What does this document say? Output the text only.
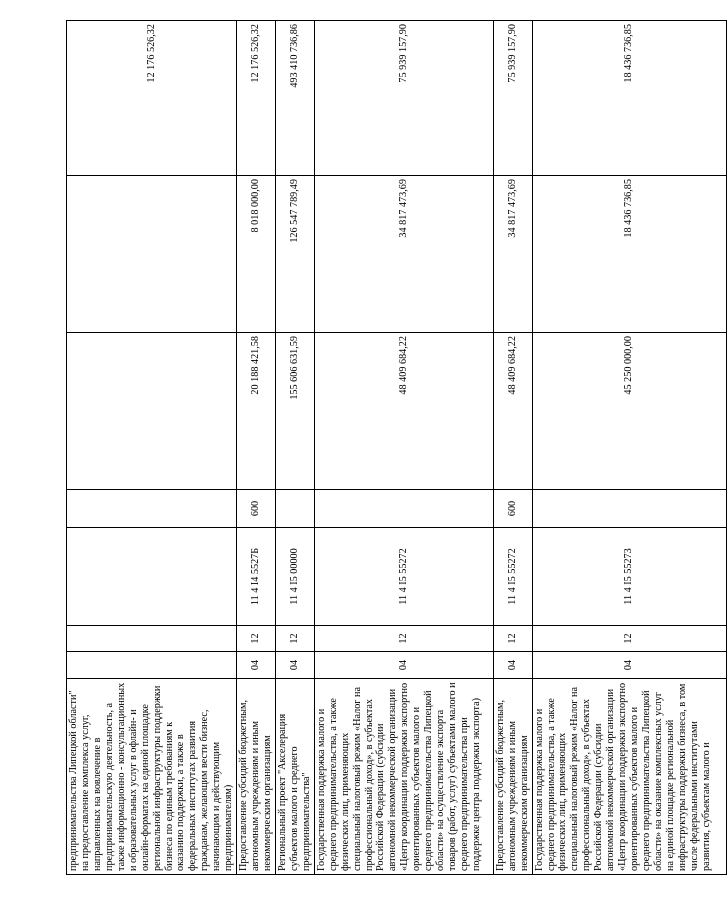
предпринимательства Липецкой области" на предоставление комплекса услуг, направленных на вовлечение в предпринимательскую деятельность, а также информационно - консультационных и образовательных услуг в офлайн- и онлайн-форматах на единой площадке региональной инфраструктуры поддержки бизнеса по единым требованиям к оказанию поддержки, а также в федеральных институтах развития гражданам, желающим вести бизнес, начинающим и действующим предпринимателям)							12 176 526,32
Предоставление субсидий бюджетным, автономным учреждениям и иным некоммерческим организациям	04	12	11 4 I4 5527Б	600	20 188 421,58	8 018 000,00	12 176 526,32
Региональный проект "Акселерация субъектов малого и среднего предпринимательства"	04	12	11 4 I5 00000		155 606 631,59	126 547 789,49	493 410 736,86
Государственная поддержка малого и среднего предпринимательства, а также физических лиц, применяющих специальный налоговый режим «Налог на профессиональный доход», в субъектах Российской Федерации (субсидии автономной некоммерческой организации «Центр координации поддержки экспортно ориентированных субъектов малого и среднего предпринимательства Липецкой области» на осуществление экспорта товаров (работ, услуг) субъектами малого и среднего предпринимательства при поддержке центра поддержки экспорта)	04	12	11 4 I5 55272		48 409 684,22	34 817 473,69	75 939 157,90
Предоставление субсидий бюджетным, автономным учреждениям и иным некоммерческим организациям	04	12	11 4 I5 55272	600	48 409 684,22	34 817 473,69	75 939 157,90
Государственная поддержка малого и среднего предпринимательства, а также физических лиц, применяющих специальный налоговый режим «Налог на профессиональный доход», в субъектах Российской Федерации (субсидии автономной некоммерческой организации «Центр координации поддержки экспортно ориентированных субъектов малого и среднего предпринимательства Липецкой области» на оказание комплексных услуг на единой площадке региональной инфраструктуры поддержки бизнеса, в том числе федеральными институтами развития, субъектам малого и	04	12	11 4 I5 55273		45 250 000,00	18 436 736,85	18 436 736,85
